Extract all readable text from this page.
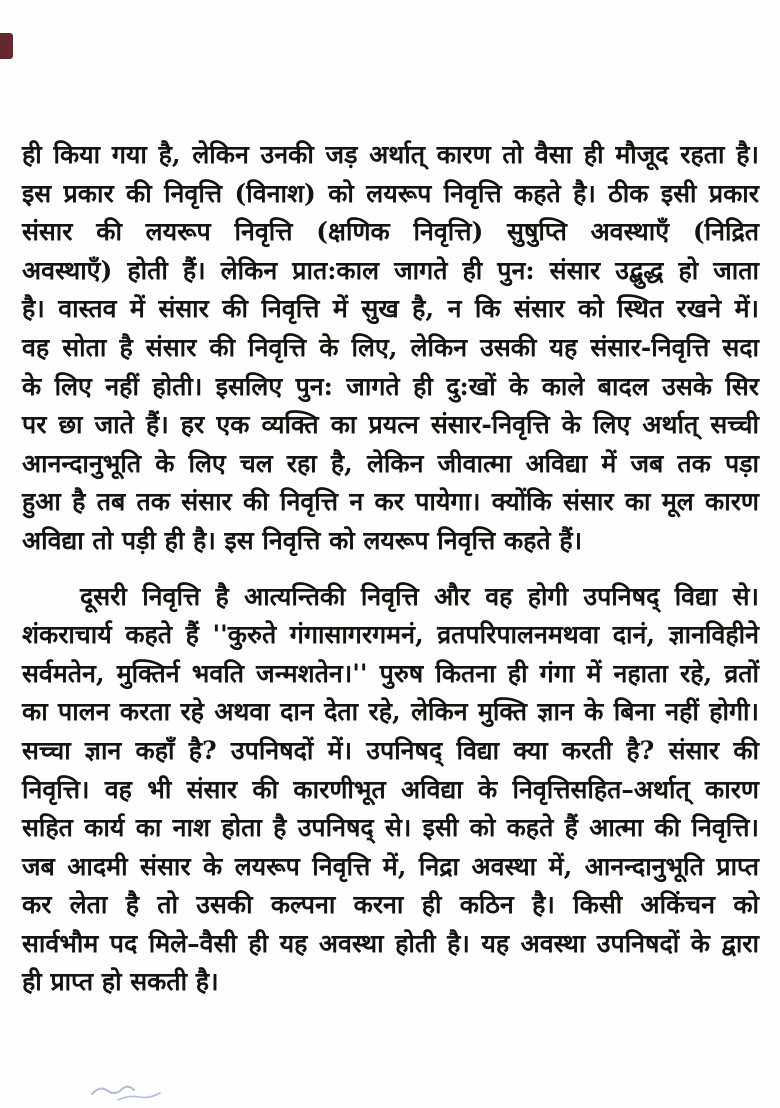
ही किया गया है, लेकिन उनकी जड़ अर्थात् कारण तो वैसा ही मौजूद रहता है।
इस प्रकार की निवृत्ति (विनाश) को लयरूप निवृत्ति कहते है। ठीक इसी प्रकार
संसार की लयरूप निवृत्ति (क्षणिक निवृत्ति) सुषुप्ति अवस्थाएँ (निद्रित
अवस्थाएँ) होती हैं। लेकिन प्रात:काल जागते ही पुन: संसार उद्बुद्ध हो जाता
है। वास्तव में संसार की निवृत्ति में सुख है, न कि संसार को स्थित रखने में।
वह सोता है संसार की निवृत्ति के लिए, लेकिन उसकी यह संसार-निवृत्ति सदा
के लिए नहीं होती। इसलिए पुन: जागते ही दु:खों के काले बादल उसके सिर
पर छा जाते हैं। हर एक व्यक्ति का प्रयत्न संसार-निवृत्ति के लिए अर्थात् सच्ची
आनन्दानुभूति के लिए चल रहा है, लेकिन जीवात्मा अविद्या में जब तक पड़ा
हुआ है तब तक संसार की निवृत्ति न कर पायेगा। क्योंकि संसार का मूल कारण
अविद्या तो पड़ी ही है। इस निवृत्ति को लयरूप निवृत्ति कहते हैं।
दूसरी निवृत्ति है आत्यन्तिकी निवृत्ति और वह होगी उपनिषद् विद्या से।
शंकराचार्य कहते हैं ''कुरुते गंगासागरगमनं, व्रतपरिपालनमथवा दानं, ज्ञानविहीने
सर्वमतेन, मुक्तिर्न भवति जन्मशतेन।'' पुरुष कितना ही गंगा में नहाता रहे, व्रतों
का पालन करता रहे अथवा दान देता रहे, लेकिन मुक्ति ज्ञान के बिना नहीं होगी।
सच्चा ज्ञान कहाँ है? उपनिषदों में। उपनिषद् विद्या क्या करती है? संसार की
निवृत्ति। वह भी संसार की कारणीभूत अविद्या के निवृत्तिसहित–अर्थात् कारण
सहित कार्य का नाश होता है उपनिषद् से। इसी को कहते हैं आत्मा की निवृत्ति।
जब आदमी संसार के लयरूप निवृत्ति में, निद्रा अवस्था में, आनन्दानुभूति प्राप्त
कर लेता है तो उसकी कल्पना करना ही कठिन है। किसी अकिंचन को
सार्वभौम पद मिले–वैसी ही यह अवस्था होती है। यह अवस्था उपनिषदों के द्वारा
ही प्राप्त हो सकती है।
